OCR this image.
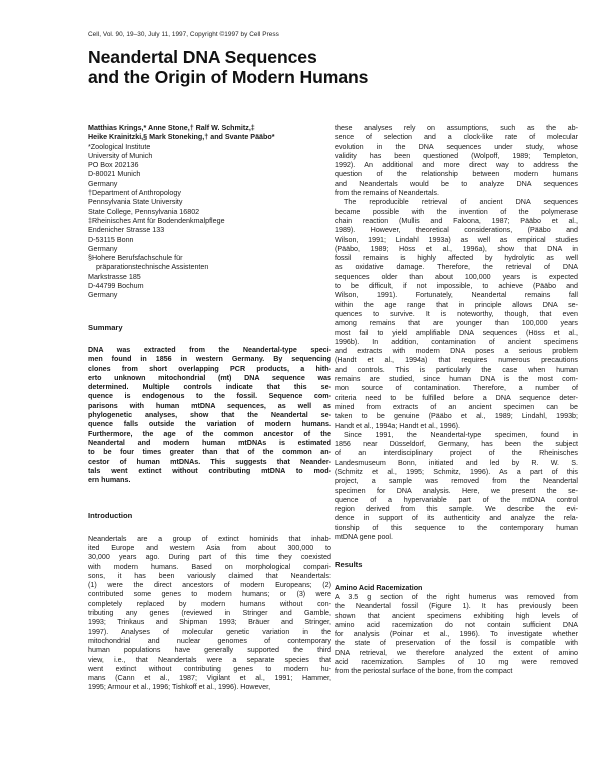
Cell, Vol. 90, 19–30, July 11, 1997, Copyright ©1997 by Cell Press
Neandertal DNA Sequences
and the Origin of Modern Humans
Matthias Krings,* Anne Stone,† Ralf W. Schmitz,‡
Heike Krainitzki,§ Mark Stoneking,† and Svante Pääbo*
*Zoological Institute
University of Munich
PO Box 202136
D-80021 Munich
Germany
†Department of Anthropology
Pennsylvania State University
State College, Pennsylvania 16802
‡Rheinisches Amt für Bodendenkmalpflege
Endenicher Strasse 133
D-53115 Bonn
Germany
§Hohere Berufsfachschule für
präparationstechnische Assistenten
Markstrasse 185
D-44799 Bochum
Germany
Summary
DNA was extracted from the Neandertal-type speci-
men found in 1856 in western Germany. By sequencing
clones from short overlapping PCR products, a hith-
erto unknown mitochondrial (mt) DNA sequence was
determined. Multiple controls indicate that this se-
quence is endogenous to the fossil. Sequence com-
parisons with human mtDNA sequences, as well as
phylogenetic analyses, show that the Neandertal se-
quence falls outside the variation of modern humans.
Furthermore, the age of the common ancestor of the
Neandertal and modern human mtDNAs is estimated
to be four times greater than that of the common an-
cestor of human mtDNAs. This suggests that Neander-
tals went extinct without contributing mtDNA to mod-
ern humans.
Introduction
Neandertals are a group of extinct hominids that inhab-
ited Europe and western Asia from about 300,000 to
30,000 years ago. During part of this time they coexisted
with modern humans. Based on morphological compari-
sons, it has been variously claimed that Neandertals:
(1) were the direct ancestors of modern Europeans; (2)
contributed some genes to modern humans; or (3) were
completely replaced by modern humans without con-
tributing any genes (reviewed in Stringer and Gamble,
1993; Trinkaus and Shipman 1993; Bräuer and Stringer,
1997). Analyses of molecular genetic variation in the
mitochondrial and nuclear genomes of contemporary
human populations have generally supported the third
view, i.e., that Neandertals were a separate species that
went extinct without contributing genes to modern hu-
mans (Cann et al., 1987; Vigilant et al., 1991; Hammer,
1995; Armour et al., 1996; Tishkoff et al., 1996). However,
these analyses rely on assumptions, such as the ab-
sence of selection and a clock-like rate of molecular
evolution in the DNA sequences under study, whose
validity has been questioned (Wolpoff, 1989; Templeton,
1992). An additional and more direct way to address the
question of the relationship between modern humans
and Neandertals would be to analyze DNA sequences
from the remains of Neandertals.
The reproducible retrieval of ancient DNA sequences
became possible with the invention of the polymerase
chain reaction (Mullis and Faloona, 1987; Pääbo et al.,
1989). However, theoretical considerations, (Pääbo and
Wilson, 1991; Lindahl 1993a) as well as empirical studies
(Pääbo, 1989; Höss et al., 1996a), show that DNA in
fossil remains is highly affected by hydrolytic as well
as oxidative damage. Therefore, the retrieval of DNA
sequences older than about 100,000 years is expected
to be difficult, if not impossible, to achieve (Pääbo and
Wilson, 1991). Fortunately, Neandertal remains fall
within the age range that in principle allows DNA se-
quences to survive. It is noteworthy, though, that even
among remains that are younger than 100,000 years
most fail to yield amplifiable DNA sequences (Höss et al.,
1996b). In addition, contamination of ancient specimens
and extracts with modern DNA poses a serious problem
(Handt et al., 1994a) that requires numerous precautions
and controls. This is particularly the case when human
remains are studied, since human DNA is the most com-
mon source of contamination. Therefore, a number of
criteria need to be fulfilled before a DNA sequence deter-
mined from extracts of an ancient specimen can be
taken to be genuine (Pääbo et al., 1989; Lindahl, 1993b;
Handt et al., 1994a; Handt et al., 1996).
Since 1991, the Neandertal-type specimen, found in
1856 near Düsseldorf, Germany, has been the subject
of an interdisciplinary project of the Rheinisches
Landesmuseum Bonn, initiated and led by R. W. S.
(Schmitz et al., 1995; Schmitz, 1996). As a part of this
project, a sample was removed from the Neandertal
specimen for DNA analysis. Here, we present the se-
quence of a hypervariable part of the mtDNA control
region derived from this sample. We describe the evi-
dence in support of its authenticity and analyze the rela-
tionship of this sequence to the contemporary human
mtDNA gene pool.
Results
Amino Acid Racemization
A 3.5 g section of the right humerus was removed from
the Neandertal fossil (Figure 1). It has previously been
shown that ancient specimens exhibiting high levels of
amino acid racemization do not contain sufficient DNA
for analysis (Poinar et al., 1996). To investigate whether
the state of preservation of the fossil is compatible with
DNA retrieval, we therefore analyzed the extent of amino
acid racemization. Samples of 10 mg were removed
from the periostal surface of the bone, from the compact
